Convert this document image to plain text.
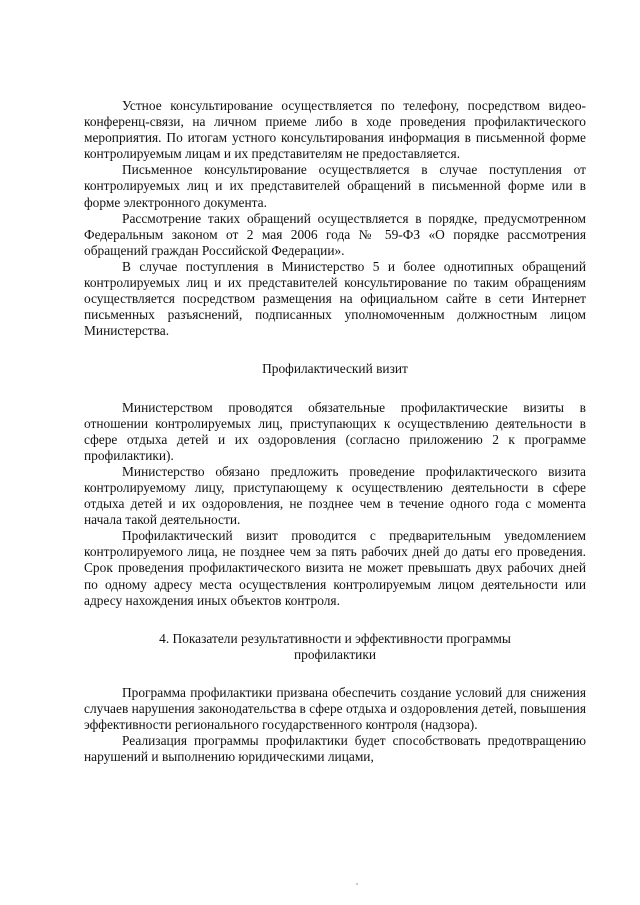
Устное консультирование осуществляется по телефону, посредством видео-конференц-связи, на личном приеме либо в ходе проведения профилактического мероприятия. По итогам устного консультирования информация в письменной форме контролируемым лицам и их представителям не предоставляется.

Письменное консультирование осуществляется в случае поступления от контролируемых лиц и их представителей обращений в письменной форме или в форме электронного документа.

Рассмотрение таких обращений осуществляется в порядке, предусмотренном Федеральным законом от 2 мая 2006 года № 59-ФЗ «О порядке рассмотрения обращений граждан Российской Федерации».

В случае поступления в Министерство 5 и более однотипных обращений контролируемых лиц и их представителей консультирование по таким обращениям осуществляется посредством размещения на официальном сайте в сети Интернет письменных разъяснений, подписанных уполномоченным должностным лицом Министерства.

Профилактический визит

Министерством проводятся обязательные профилактические визиты в отношении контролируемых лиц, приступающих к осуществлению деятельности в сфере отдыха детей и их оздоровления (согласно приложению 2 к программе профилактики).

Министерство обязано предложить проведение профилактического визита контролируемому лицу, приступающему к осуществлению деятельности в сфере отдыха детей и их оздоровления, не позднее чем в течение одного года с момента начала такой деятельности.

Профилактический визит проводится с предварительным уведомлением контролируемого лица, не позднее чем за пять рабочих дней до даты его проведения. Срок проведения профилактического визита не может превышать двух рабочих дней по одному адресу места осуществления контролируемым лицом деятельности или адресу нахождения иных объектов контроля.

4. Показатели результативности и эффективности программы

профилактики

Программа профилактики призвана обеспечить создание условий для снижения случаев нарушения законодательства в сфере отдыха и оздоровления детей, повышения эффективности регионального государственного контроля (надзора).

Реализация программы профилактики будет способствовать предотвращению нарушений и выполнению юридическими лицами,
